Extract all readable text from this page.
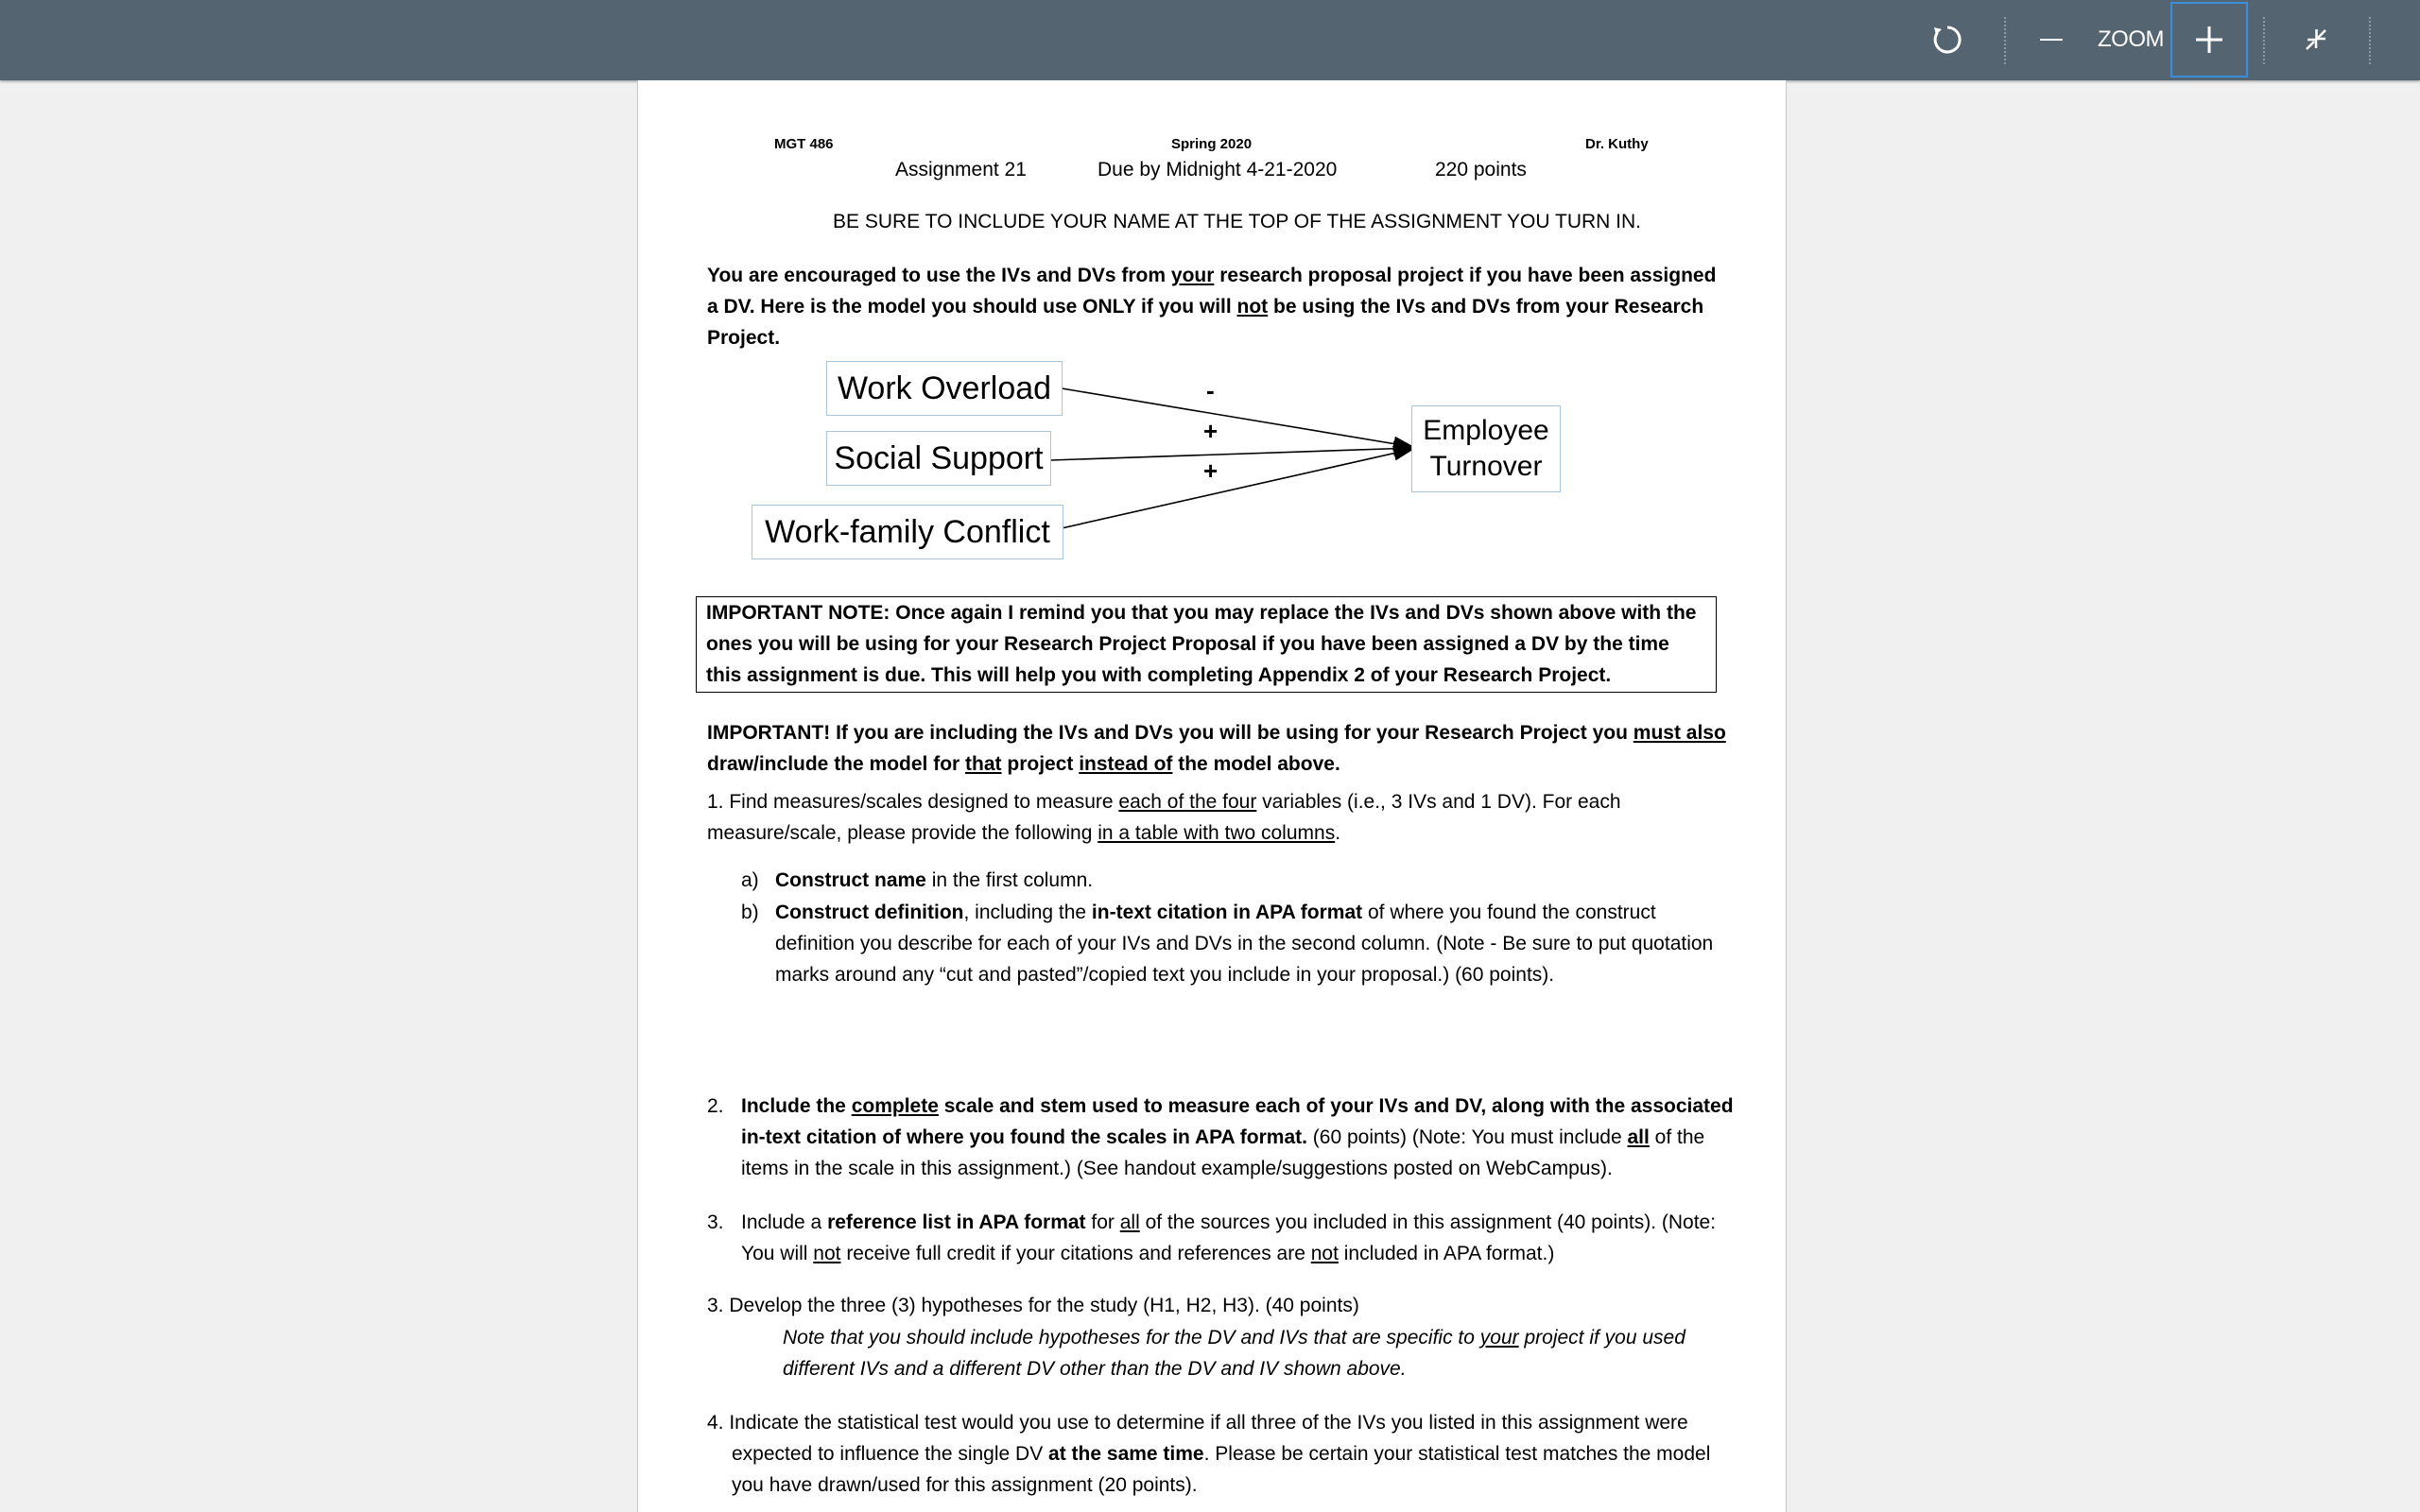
ZOOM
MGT 486	Spring 2020	Dr. Kuthy
Assignment 21	Due by Midnight 4-21-2020	220 points
BE SURE TO INCLUDE YOUR NAME AT THE TOP OF THE ASSIGNMENT YOU TURN IN.
You are encouraged to use the IVs and DVs from your research proposal project if you have been assigned a DV. Here is the model you should use ONLY if you will not be using the IVs and DVs from your Research Project.
Work Overload
Social Support
Work-family Conflict
Employee
Turnover
-
+
+
IMPORTANT NOTE: Once again I remind you that you may replace the IVs and DVs shown above with the ones you will be using for your Research Project Proposal if you have been assigned a DV by the time this assignment is due. This will help you with completing Appendix 2 of your Research Project.
IMPORTANT! If you are including the IVs and DVs you will be using for your Research Project you must also draw/include the model for that project instead of the model above.
1. Find measures/scales designed to measure each of the four variables (i.e., 3 IVs and 1 DV). For each measure/scale, please provide the following in a table with two columns.
a) Construct name in the first column.
b) Construct definition, including the in-text citation in APA format of where you found the construct definition you describe for each of your IVs and DVs in the second column. (Note - Be sure to put quotation marks around any “cut and pasted”/copied text you include in your proposal.) (60 points).
2. Include the complete scale and stem used to measure each of your IVs and DV, along with the associated in-text citation of where you found the scales in APA format. (60 points) (Note: You must include all of the items in the scale in this assignment.) (See handout example/suggestions posted on WebCampus).
3. Include a reference list in APA format for all of the sources you included in this assignment (40 points). (Note: You will not receive full credit if your citations and references are not included in APA format.)
3. Develop the three (3) hypotheses for the study (H1, H2, H3). (40 points)
Note that you should include hypotheses for the DV and IVs that are specific to your project if you used different IVs and a different DV other than the DV and IV shown above.
4. Indicate the statistical test would you use to determine if all three of the IVs you listed in this assignment were expected to influence the single DV at the same time. Please be certain your statistical test matches the model you have drawn/used for this assignment (20 points).
